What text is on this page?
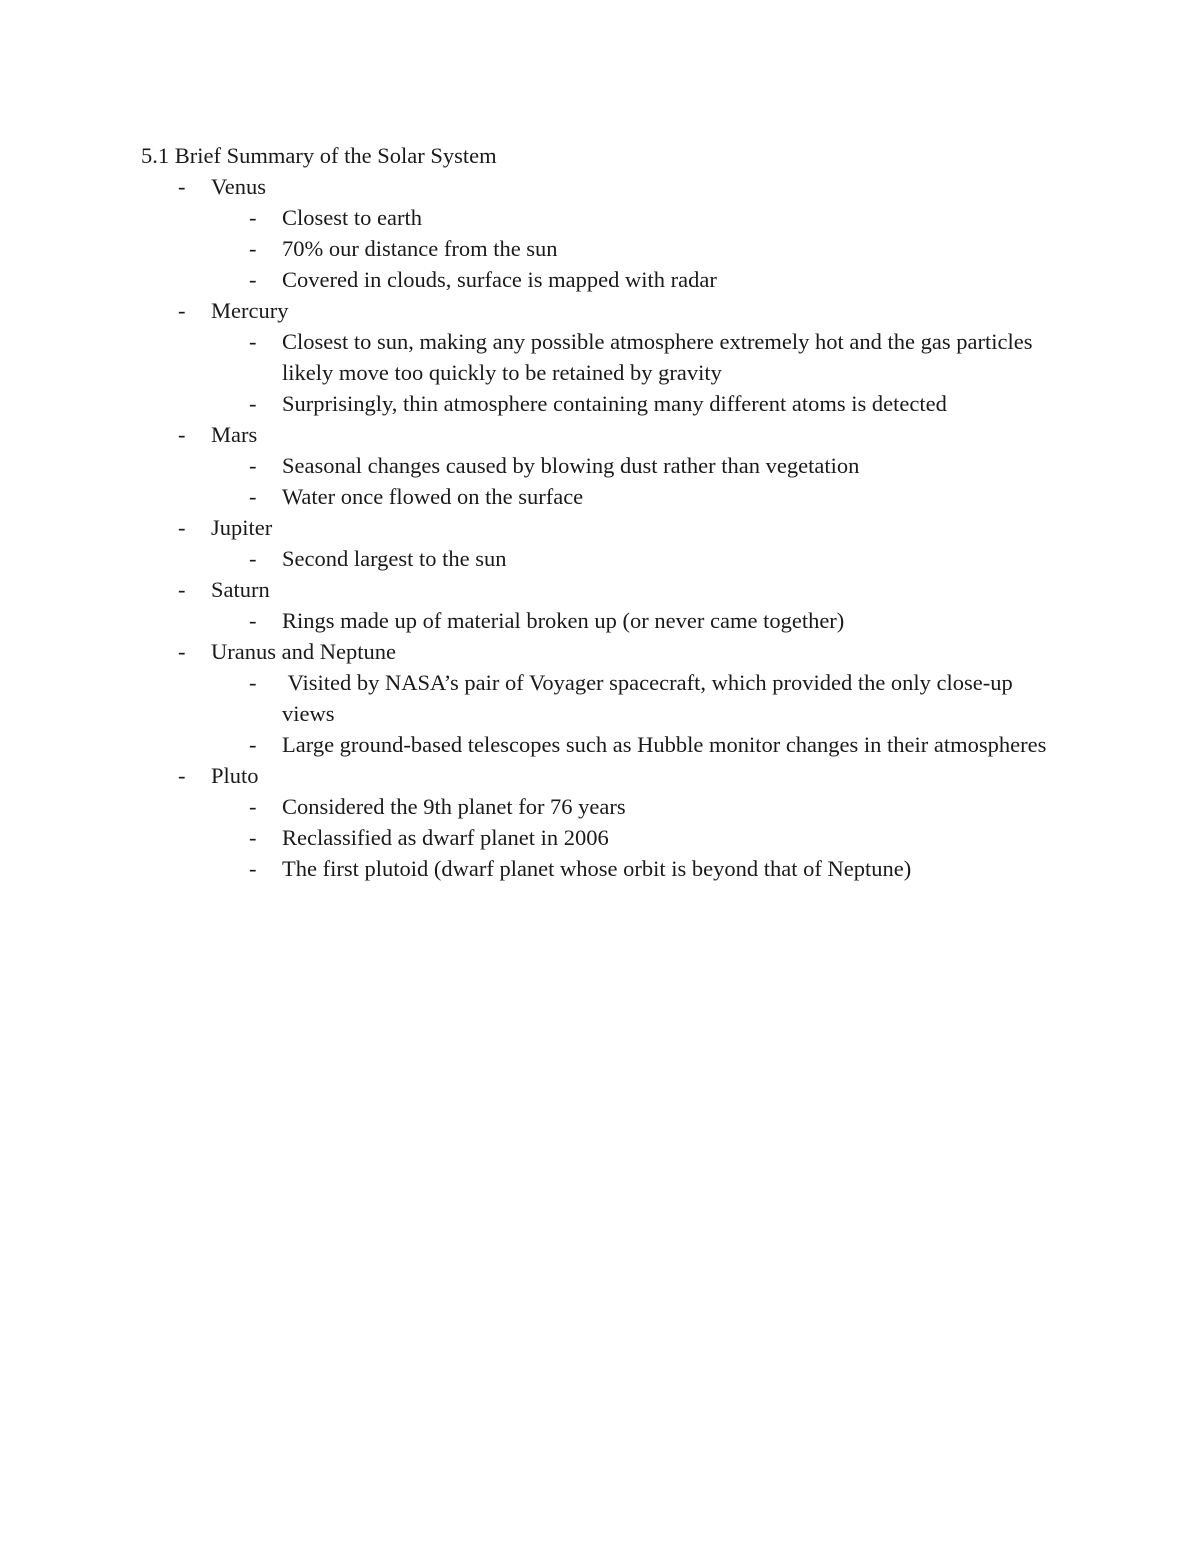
5.1 Brief Summary of the Solar System

- Venus
- Closest to earth
- 70% our distance from the sun
- Covered in clouds, surface is mapped with radar
- Mercury
- Closest to sun, making any possible atmosphere extremely hot and the gas particles likely move too quickly to be retained by gravity
- Surprisingly, thin atmosphere containing many different atoms is detected
- Mars
- Seasonal changes caused by blowing dust rather than vegetation
- Water once flowed on the surface
- Jupiter
- Second largest to the sun
- Saturn
- Rings made up of material broken up (or never came together)
- Uranus and Neptune
- Visited by NASA’s pair of Voyager spacecraft, which provided the only close-up views
- Large ground-based telescopes such as Hubble monitor changes in their atmospheres
- Pluto
- Considered the 9th planet for 76 years
- Reclassified as dwarf planet in 2006
- The first plutoid (dwarf planet whose orbit is beyond that of Neptune)
